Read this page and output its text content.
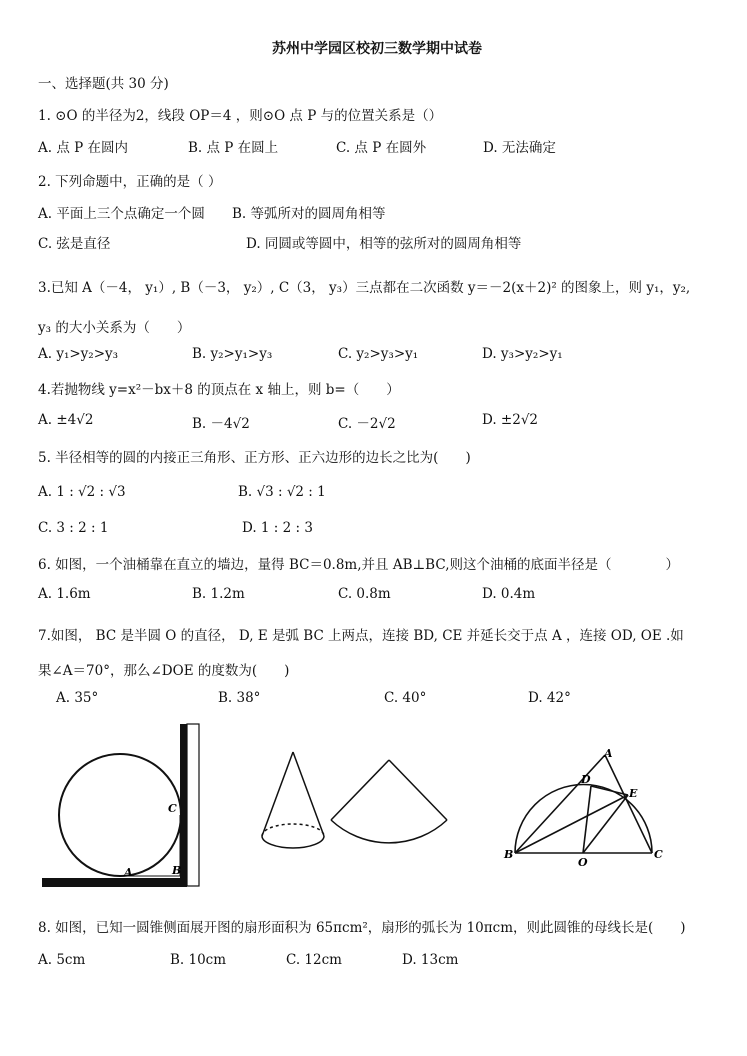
苏州中学园区校初三数学期中试卷
一、选择题(共 30 分)
1. ⊙O 的半径为2，线段 OP＝4 ，则⊙O 点 P 与的位置关系是（）
A. 点 P 在圆内	B. 点 P 在圆上	C. 点 P 在圆外	D. 无法确定
2. 下列命题中，正确的是（ ）
A. 平面上三个点确定一个圆 B. 等弧所对的圆周角相等
C. 弦是直径	D. 同圆或等圆中，相等的弦所对的圆周角相等
3.已知 A（－4， y₁）, B（－3， y₂）, C（3， y₃）三点都在二次函数 y＝－2(x＋2)² 的图象上，则 y₁，y₂,
y₃ 的大小关系为（　　）
A. y₁>y₂>y₃	B. y₂>y₁>y₃	C. y₂>y₃>y₁	D. y₃>y₂>y₁
4.若抛物线 y=x²－bx＋8 的顶点在 x 轴上，则 b=（　　）
A. ±4√2	B. －4√2	C. －2√2	D. ±2√2
5. 半径相等的圆的内接正三角形、正方形、正六边形的边长之比为(　　)
A. 1 : √2 : √3	B. √3 : √2 : 1
C. 3 : 2 : 1	D. 1 : 2 : 3
6. 如图，一个油桶靠在直立的墙边，量得 BC＝0.8m,并且 AB⊥BC,则这个油桶的底面半径是（　　　　）
A. 1.6m	B. 1.2m	C. 0.8m	D. 0.4m
7.如图， BC 是半圆 O 的直径， D, E 是弧 BC 上两点，连接 BD, CE 并延长交于点 A ，连接 OD, OE .如
果∠A＝70°，那么∠DOE 的度数为(　　)
A. 35°	B. 38°	C. 40°	D. 42°
C
A	B
A
D
E
B
O
C
8. 如图，已知一圆锥侧面展开图的扇形面积为 65πcm²，扇形的弧长为 10πcm，则此圆锥的母线长是(　　)
A. 5cm	B. 10cm	C. 12cm	D. 13cm
